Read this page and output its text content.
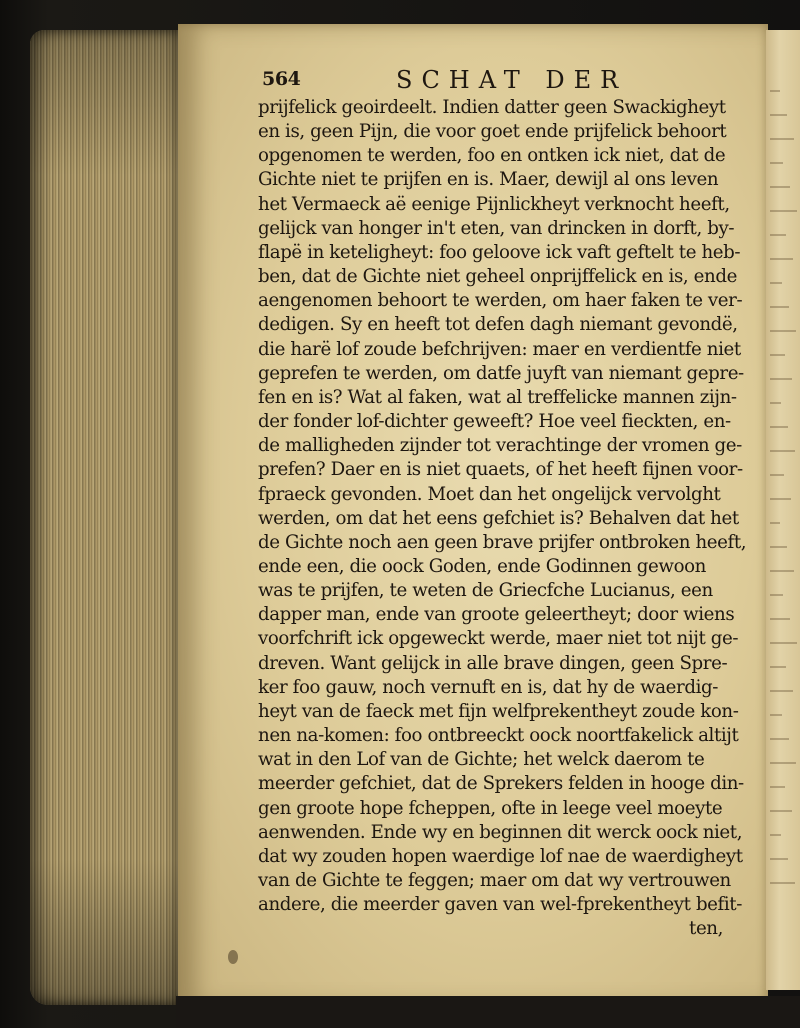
564	SCHAT DER
prijfelick geoirdeelt. Indien datter geen Swackigheyt
en is, geen Pijn, die voor goet ende prijfelick behoort
opgenomen te werden, foo en ontken ick niet, dat de
Gichte niet te prijfen en is. Maer, dewijl al ons leven
het Vermaeck aë eenige Pijnlickheyt verknocht heeft,
gelijck van honger in't eten, van drincken in dorft, by-
flapë in keteligheyt: foo geloove ick vaft geftelt te heb-
ben, dat de Gichte niet geheel onprijffelick en is, ende
aengenomen behoort te werden, om haer faken te ver-
dedigen. Sy en heeft tot defen dagh niemant gevondë,
die harë lof zoude befchrijven: maer en verdientfe niet
geprefen te werden, om datfe juyft van niemant gepre-
fen en is? Wat al faken, wat al treffelicke mannen zijn-
der fonder lof-dichter geweeft? Hoe veel fieckten, en-
de malligheden zijnder tot verachtinge der vromen ge-
prefen? Daer en is niet quaets, of het heeft fijnen voor-
fpraeck gevonden. Moet dan het ongelijck vervolght
werden, om dat het eens gefchiet is? Behalven dat het
de Gichte noch aen geen brave prijfer ontbroken heeft,
ende een, die oock Goden, ende Godinnen gewoon
was te prijfen, te weten de Griecfche Lucianus, een
dapper man, ende van groote geleertheyt; door wiens
voorfchrift ick opgeweckt werde, maer niet tot nijt ge-
dreven. Want gelijck in alle brave dingen, geen Spre-
ker foo gauw, noch vernuft en is, dat hy de waerdig-
heyt van de faeck met fijn welfprekentheyt zoude kon-
nen na-komen: foo ontbreeckt oock noortfakelick altijt
wat in den Lof van de Gichte; het welck daerom te
meerder gefchiet, dat de Sprekers felden in hooge din-
gen groote hope fcheppen, ofte in leege veel moeyte
aenwenden. Ende wy en beginnen dit werck oock niet,
dat wy zouden hopen waerdige lof nae de waerdigheyt
van de Gichte te feggen; maer om dat wy vertrouwen
andere, die meerder gaven van wel-fprekentheyt befit-
ten,
